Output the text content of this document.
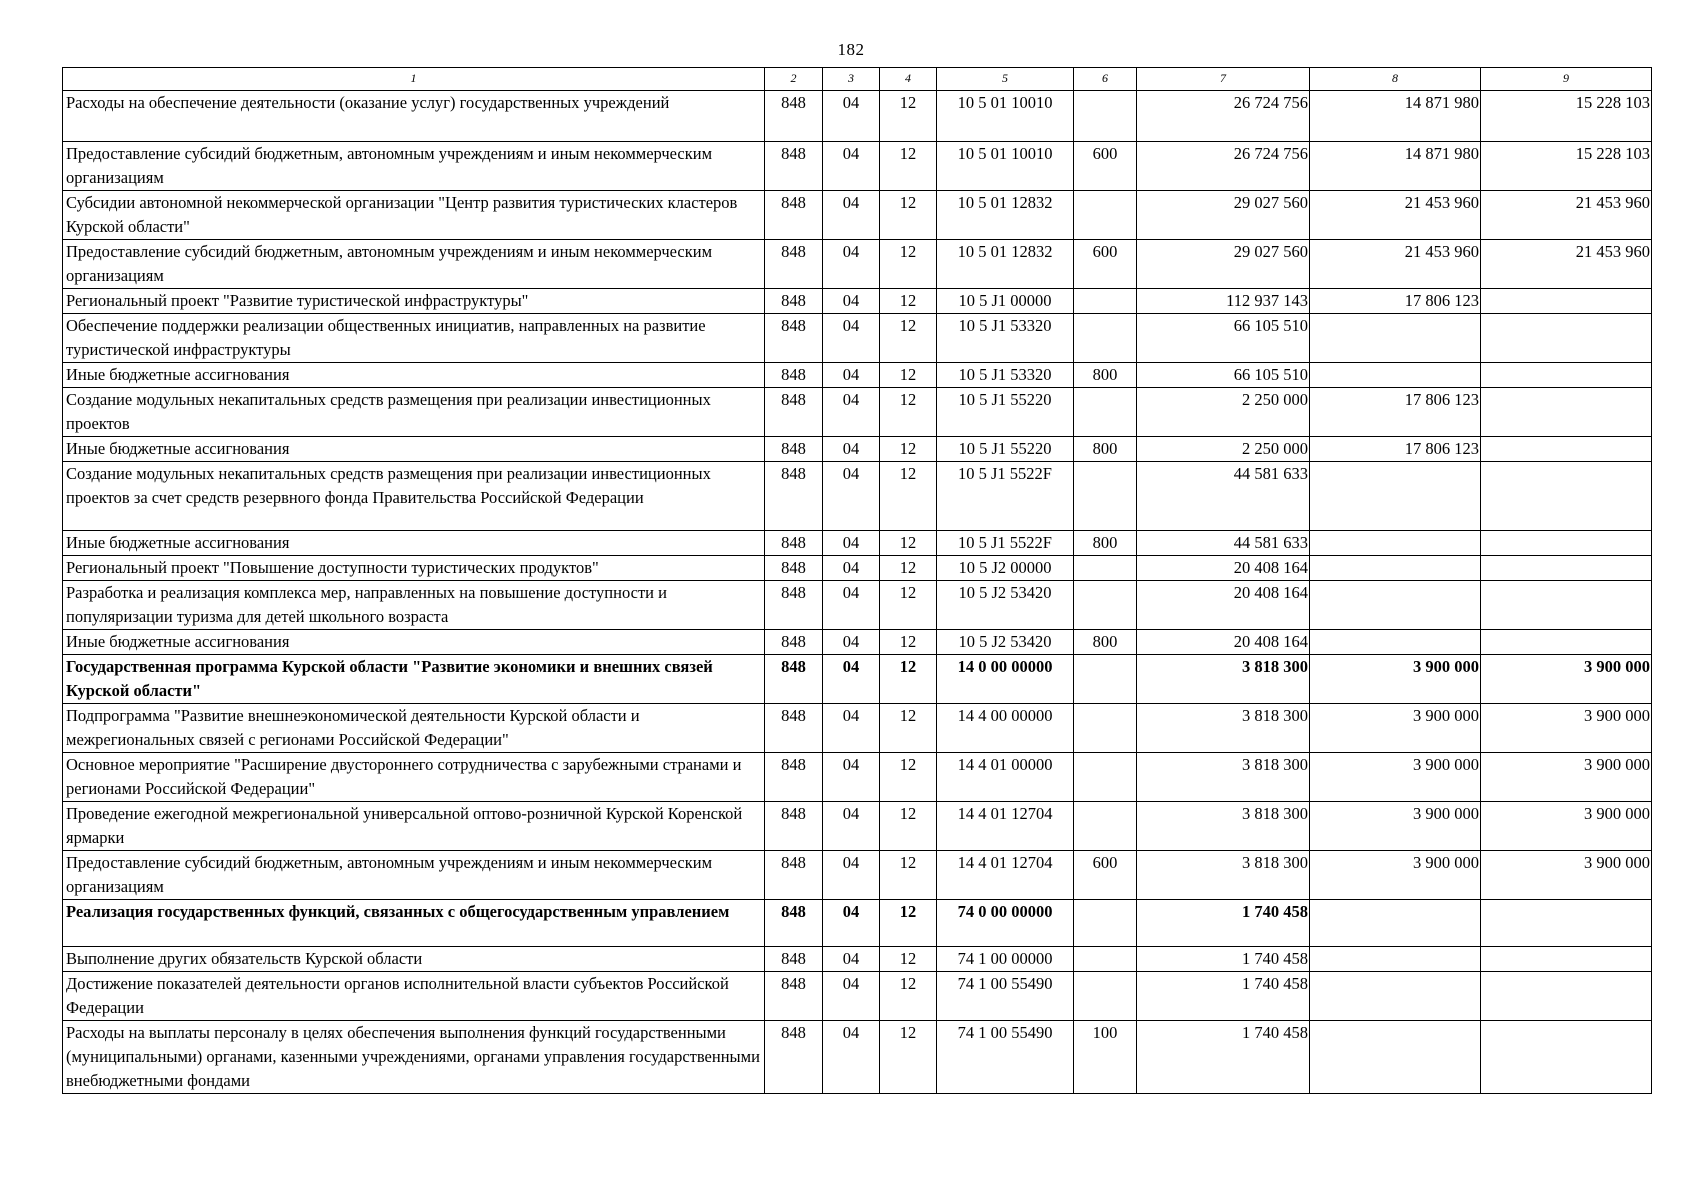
182
1	2	3	4	5	6	7	8	9
Расходы на обеспечение деятельности (оказание услуг) государственных учреждений	848	04	12	10 5 01 10010		26 724 756	14 871 980	15 228 103
Предоставление субсидий бюджетным, автономным учреждениям и иным некоммерческим организациям	848	04	12	10 5 01 10010	600	26 724 756	14 871 980	15 228 103
Субсидии автономной некоммерческой организации "Центр развития туристических кластеров Курской области"	848	04	12	10 5 01 12832		29 027 560	21 453 960	21 453 960
Предоставление субсидий бюджетным, автономным учреждениям и иным некоммерческим организациям	848	04	12	10 5 01 12832	600	29 027 560	21 453 960	21 453 960
Региональный проект "Развитие туристической инфраструктуры"	848	04	12	10 5 J1 00000		112 937 143	17 806 123	
Обеспечение поддержки реализации общественных инициатив, направленных на развитие туристической инфраструктуры	848	04	12	10 5 J1 53320		66 105 510		
Иные бюджетные ассигнования	848	04	12	10 5 J1 53320	800	66 105 510		
Создание модульных некапитальных средств размещения при реализации инвестиционных проектов	848	04	12	10 5 J1 55220		2 250 000	17 806 123	
Иные бюджетные ассигнования	848	04	12	10 5 J1 55220	800	2 250 000	17 806 123	
Создание модульных некапитальных средств размещения при реализации инвестиционных проектов за счет средств резервного фонда Правительства Российской Федерации	848	04	12	10 5 J1 5522F		44 581 633		
Иные бюджетные ассигнования	848	04	12	10 5 J1 5522F	800	44 581 633		
Региональный проект "Повышение доступности туристических продуктов"	848	04	12	10 5 J2 00000		20 408 164		
Разработка и реализация комплекса мер, направленных на повышение доступности и популяризации туризма для детей школьного возраста	848	04	12	10 5 J2 53420		20 408 164		
Иные бюджетные ассигнования	848	04	12	10 5 J2 53420	800	20 408 164		
Государственная программа Курской области "Развитие экономики и внешних связей Курской области"	848	04	12	14 0 00 00000		3 818 300	3 900 000	3 900 000
Подпрограмма "Развитие внешнеэкономической деятельности Курской области и межрегиональных связей с регионами Российской Федерации"	848	04	12	14 4 00 00000		3 818 300	3 900 000	3 900 000
Основное мероприятие "Расширение двустороннего сотрудничества с зарубежными странами и регионами Российской Федерации"	848	04	12	14 4 01 00000		3 818 300	3 900 000	3 900 000
Проведение ежегодной межрегиональной универсальной оптово-розничной Курской Коренской ярмарки	848	04	12	14 4 01 12704		3 818 300	3 900 000	3 900 000
Предоставление субсидий бюджетным, автономным учреждениям и иным некоммерческим организациям	848	04	12	14 4 01 12704	600	3 818 300	3 900 000	3 900 000
Реализация государственных функций, связанных с общегосударственным управлением	848	04	12	74 0 00 00000		1 740 458		
Выполнение других обязательств Курской области	848	04	12	74 1 00 00000		1 740 458		
Достижение показателей деятельности органов исполнительной власти субъектов Российской Федерации	848	04	12	74 1 00 55490		1 740 458		
Расходы на выплаты персоналу в целях обеспечения выполнения функций государственными (муниципальными) органами, казенными учреждениями, органами управления государственными внебюджетными фондами	848	04	12	74 1 00 55490	100	1 740 458		
